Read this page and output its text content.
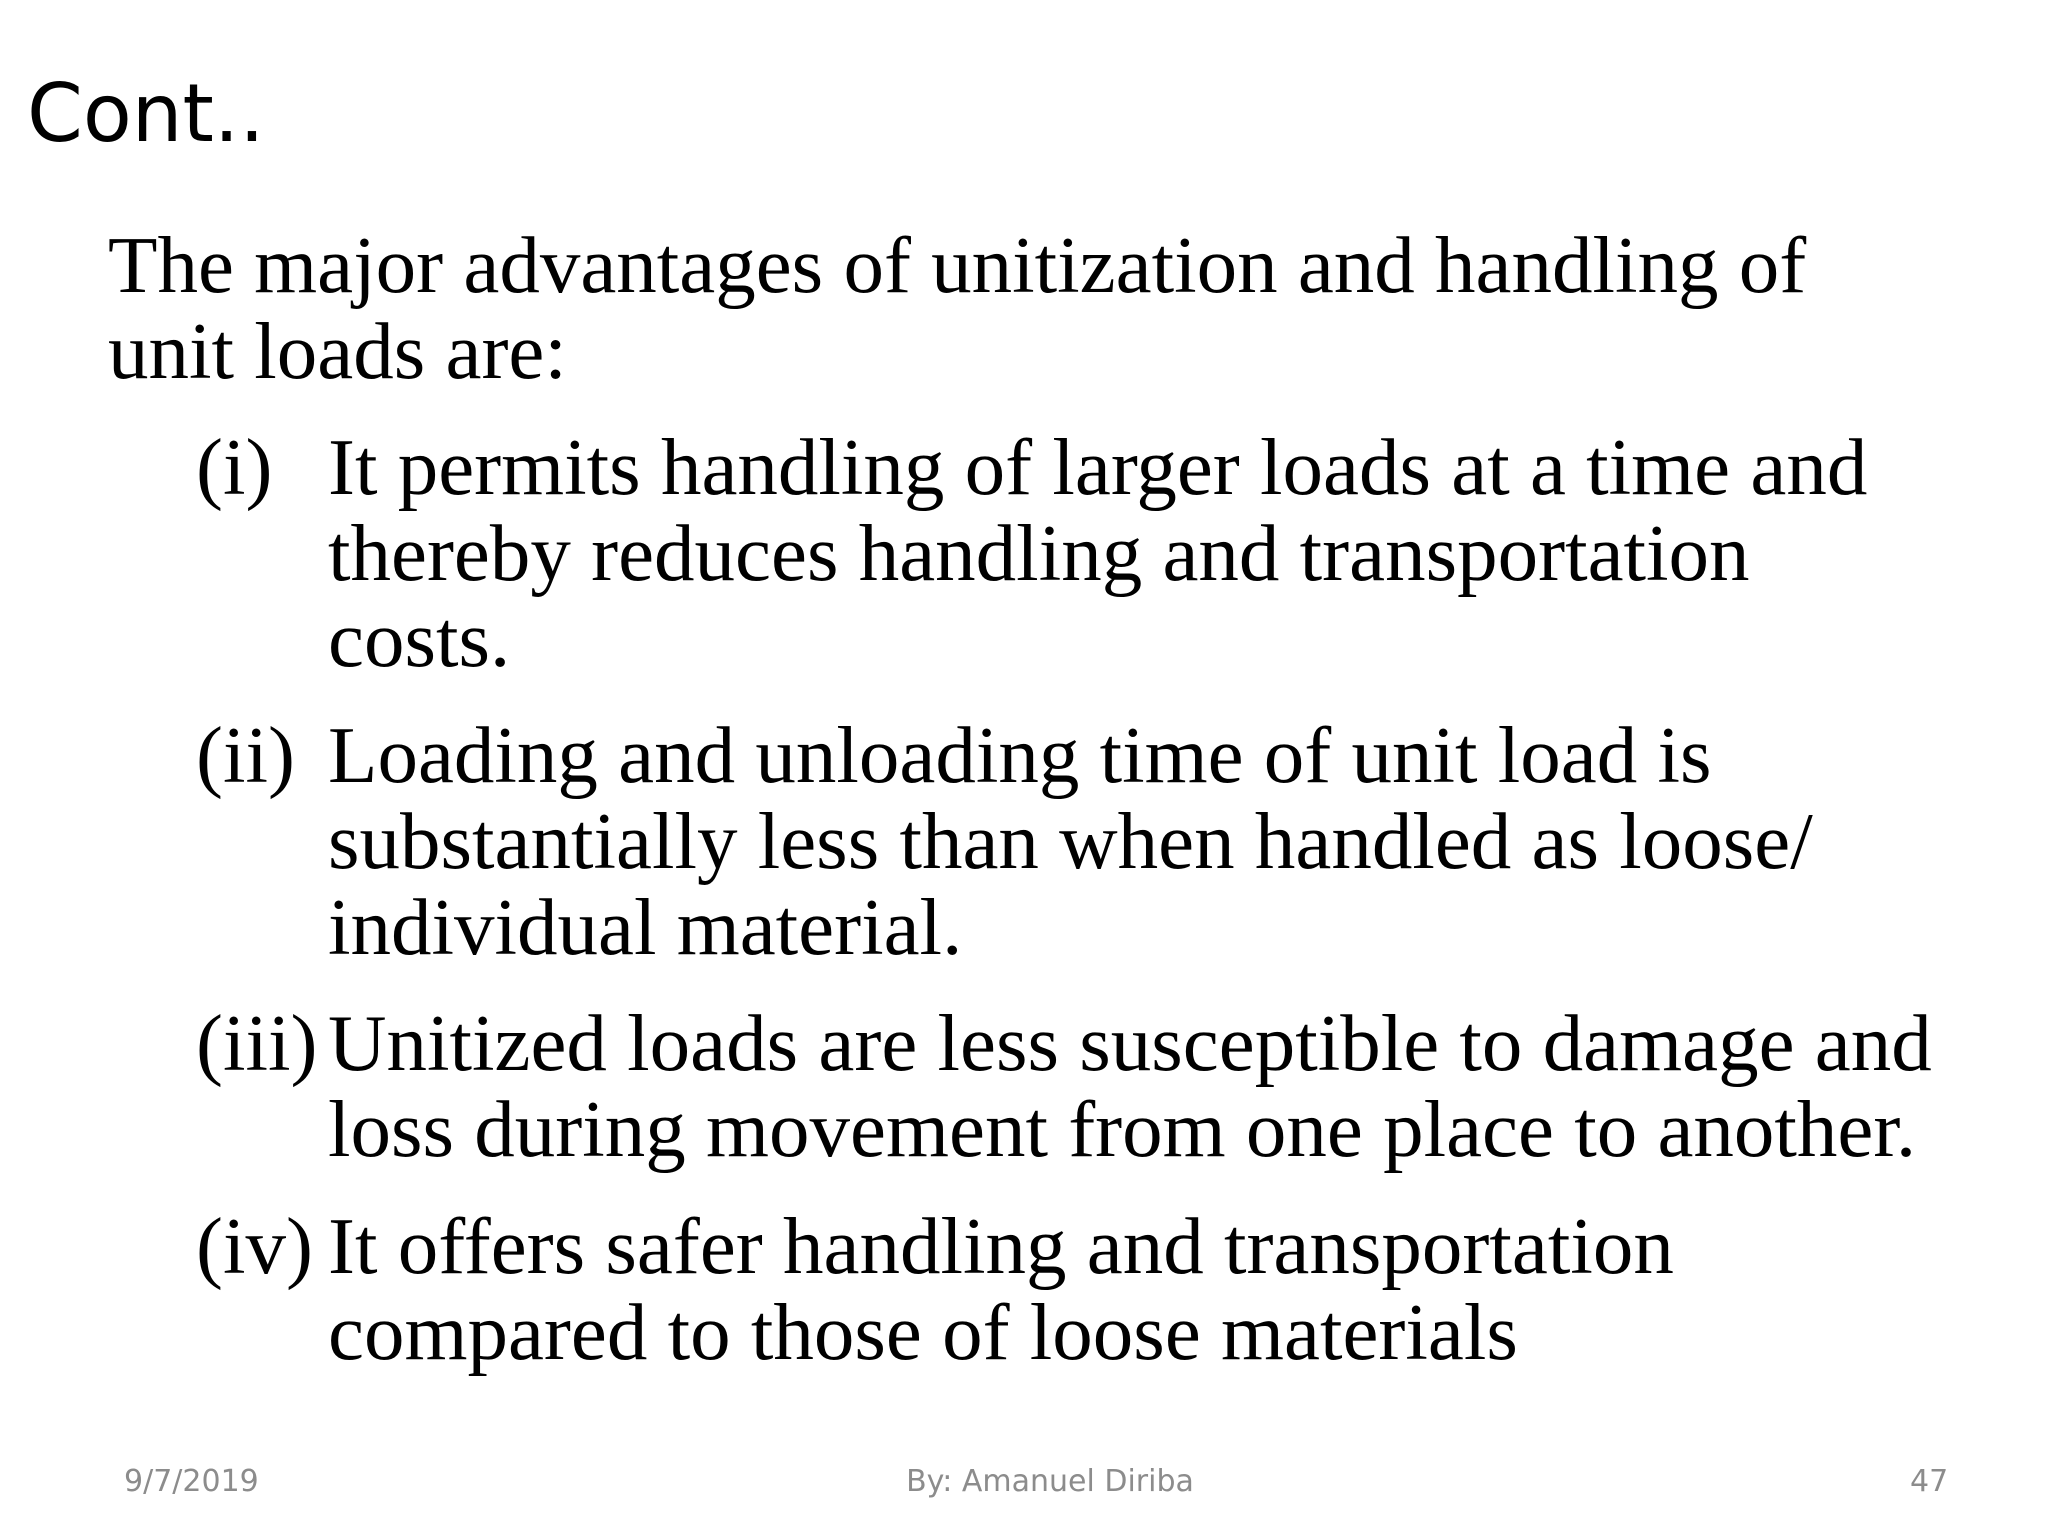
Cont..

The major advantages of unitization and handling of
unit loads are:

(i) It permits handling of larger loads at a time and
thereby reduces handling and transportation
costs.
(ii) Loading and unloading time of unit load is
substantially less than when handled as loose/
individual material.
(iii) Unitized loads are less susceptible to damage and
loss during movement from one place to another.
(iv) It offers safer handling and transportation
compared to those of loose materials
9/7/2019	By: Amanuel Diriba	47
